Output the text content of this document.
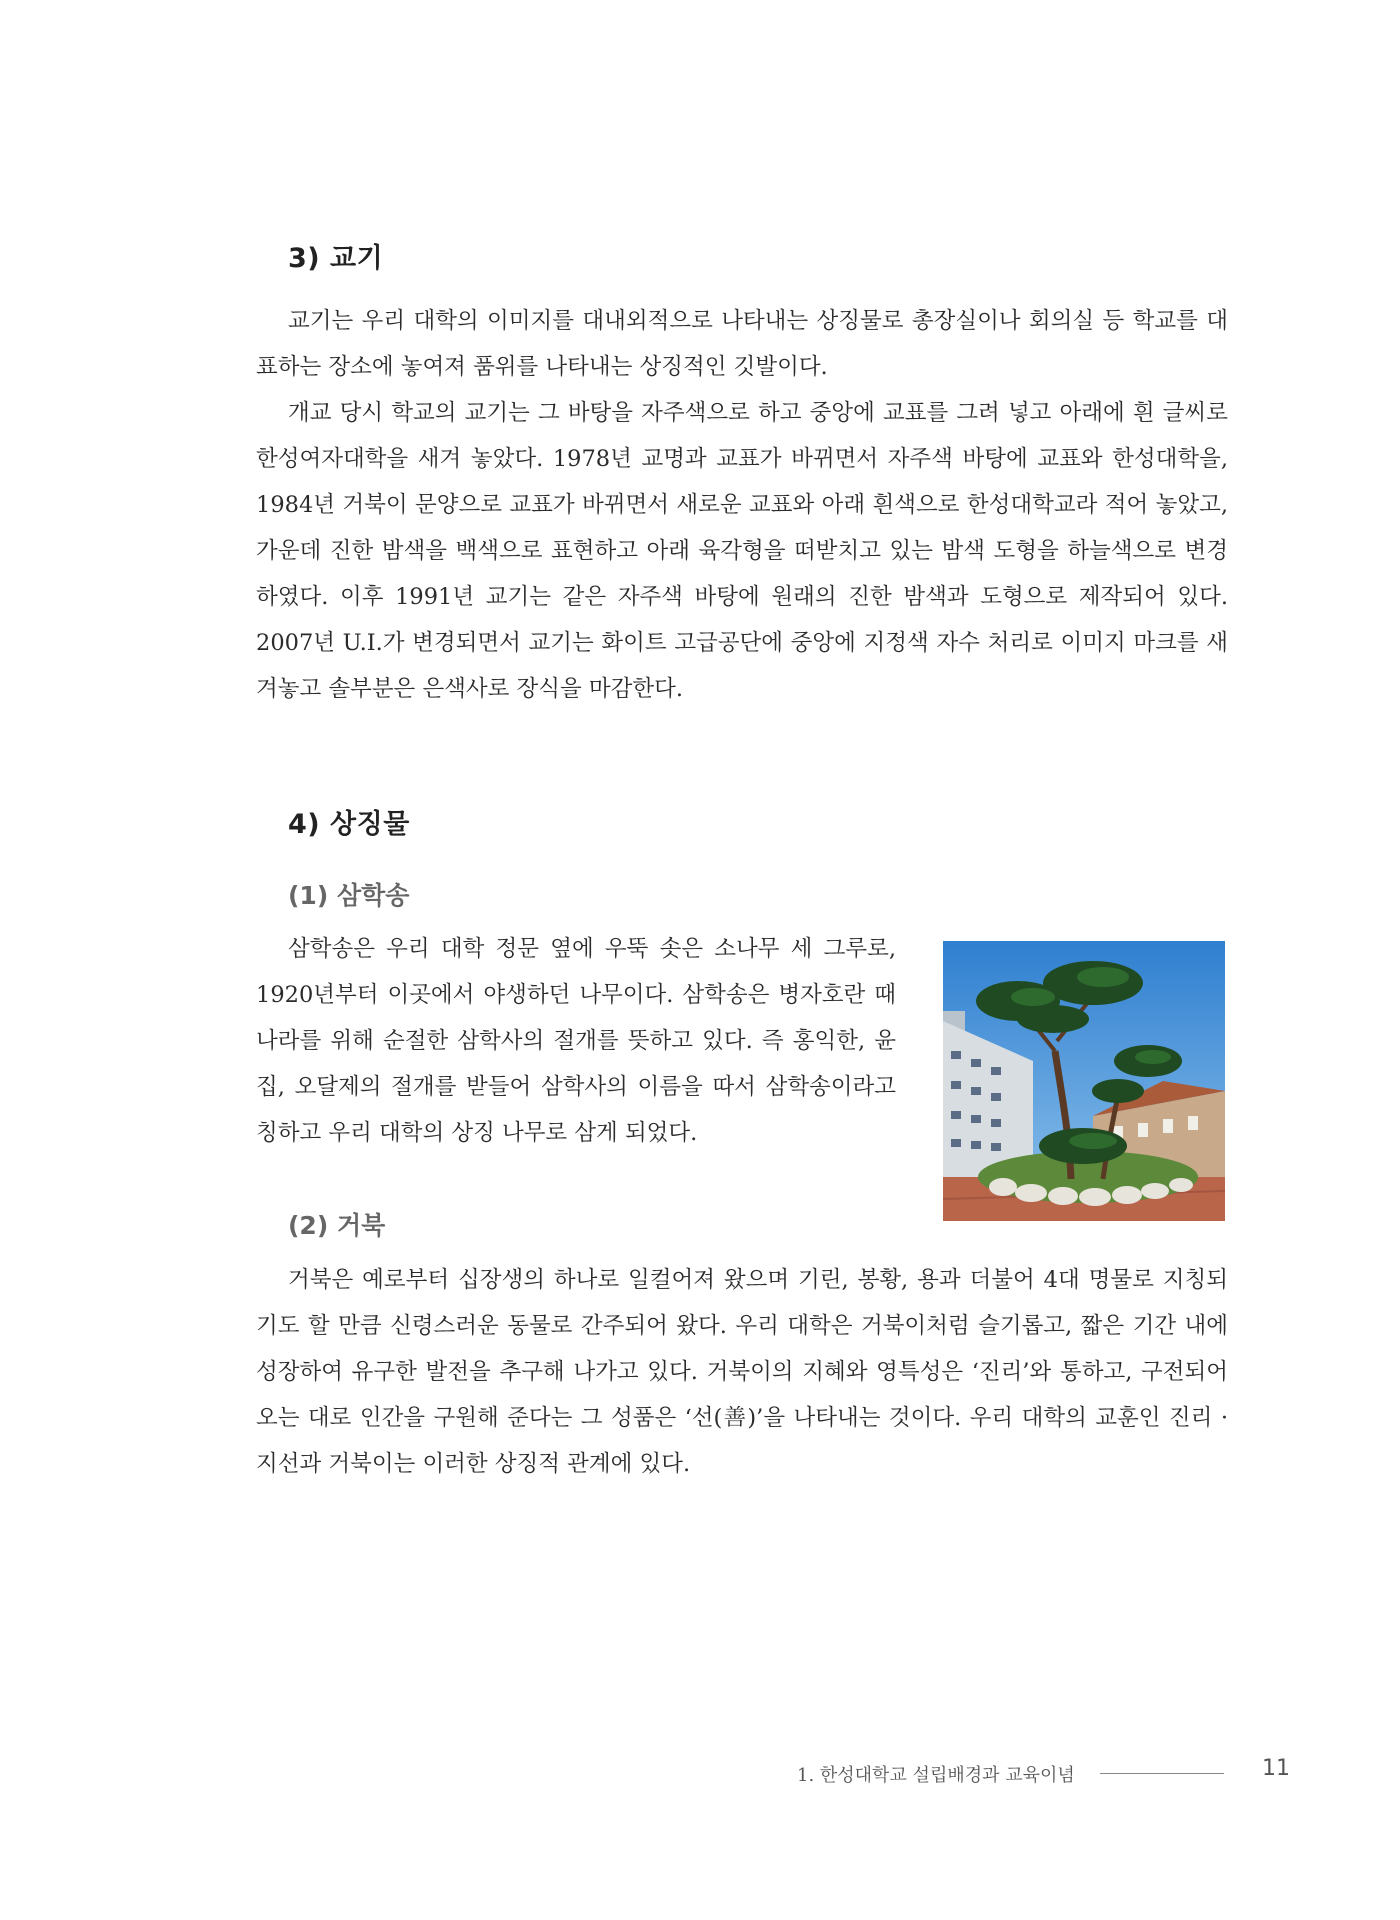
3) 교기

교기는 우리 대학의 이미지를 대내외적으로 나타내는 상징물로 총장실이나 회의실 등 학교를 대표하는 장소에 놓여져 품위를 나타내는 상징적인 깃발이다.

개교 당시 학교의 교기는 그 바탕을 자주색으로 하고 중앙에 교표를 그려 넣고 아래에 흰 글씨로 한성여자대학을 새겨 놓았다. 1978년 교명과 교표가 바뀌면서 자주색 바탕에 교표와 한성대학을, 1984년 거북이 문양으로 교표가 바뀌면서 새로운 교표와 아래 흰색으로 한성대학교라 적어 놓았고, 가운데 진한 밤색을 백색으로 표현하고 아래 육각형을 떠받치고 있는 밤색 도형을 하늘색으로 변경하였다. 이후 1991년 교기는 같은 자주색 바탕에 원래의 진한 밤색과 도형으로 제작되어 있다. 2007년 U.I.가 변경되면서 교기는 화이트 고급공단에 중앙에 지정색 자수 처리로 이미지 마크를 새겨놓고 솔부분은 은색사로 장식을 마감한다.

4) 상징물
(1) 삼학송

삼학송은 우리 대학 정문 옆에 우뚝 솟은 소나무 세 그루로, 1920년부터 이곳에서 야생하던 나무이다. 삼학송은 병자호란 때 나라를 위해 순절한 삼학사의 절개를 뜻하고 있다. 즉 홍익한, 윤집, 오달제의 절개를 받들어 삼학사의 이름을 따서 삼학송이라고 칭하고 우리 대학의 상징 나무로 삼게 되었다.

(2) 거북

거북은 예로부터 십장생의 하나로 일컬어져 왔으며 기린, 봉황, 용과 더불어 4대 명물로 지칭되기도 할 만큼 신령스러운 동물로 간주되어 왔다. 우리 대학은 거북이처럼 슬기롭고, 짧은 기간 내에 성장하여 유구한 발전을 추구해 나가고 있다. 거북이의 지혜와 영특성은 ‘진리’와 통하고, 구전되어 오는 대로 인간을 구원해 준다는 그 성품은 ‘선(善)’을 나타내는 것이다. 우리 대학의 교훈인 진리 · 지선과 거북이는 이러한 상징적 관계에 있다.

1. 한성대학교 설립배경과 교육이념	11
